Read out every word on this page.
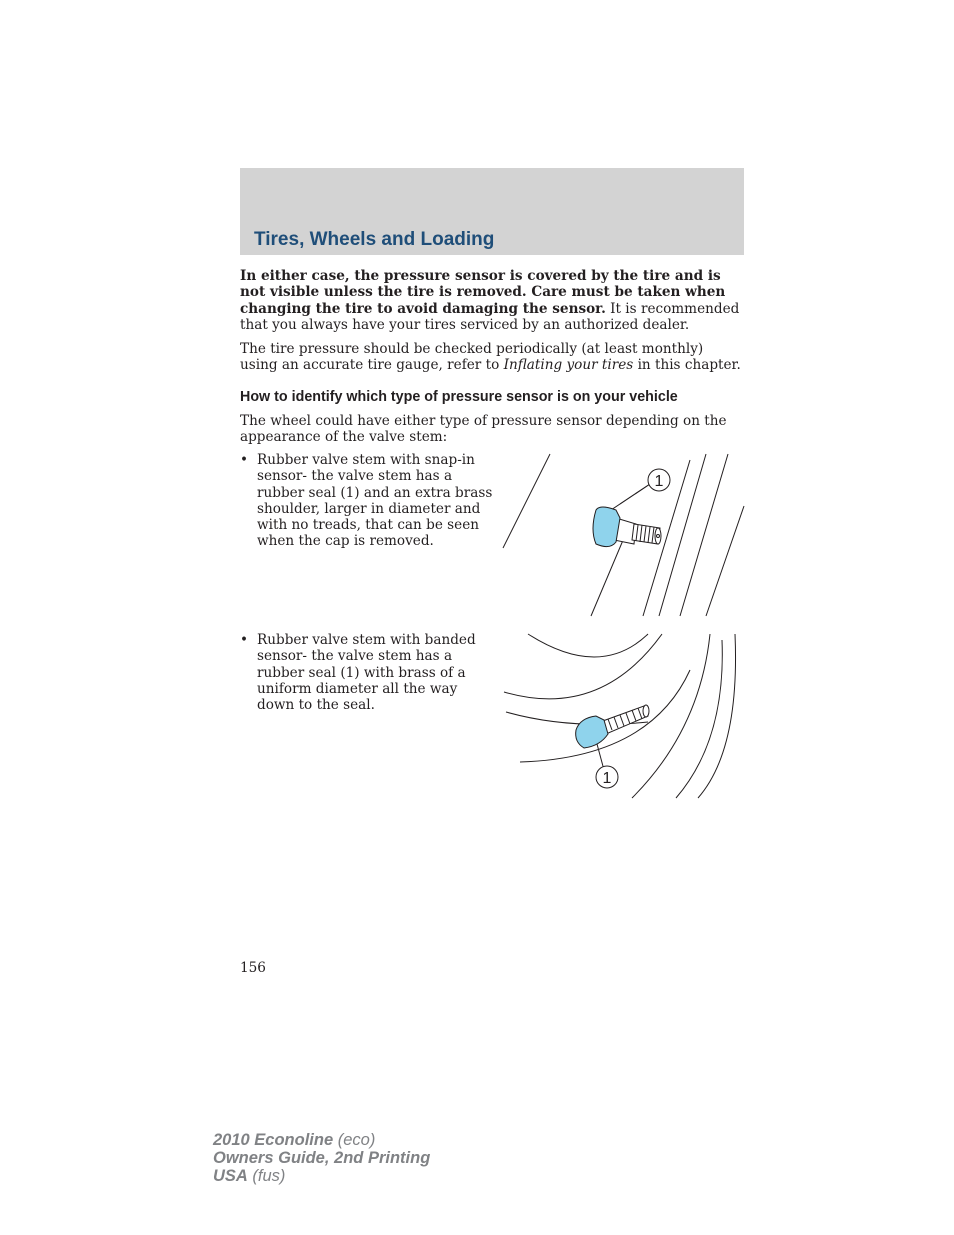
Tires, Wheels and Loading

In either case, the pressure sensor is covered by the tire and is not visible unless the tire is removed. Care must be taken when changing the tire to avoid damaging the sensor. It is recommended that you always have your tires serviced by an authorized dealer.

The tire pressure should be checked periodically (at least monthly) using an accurate tire gauge, refer to Inflating your tires in this chapter.

How to identify which type of pressure sensor is on your vehicle

The wheel could have either type of pressure sensor depending on the appearance of the valve stem:

• Rubber valve stem with snap-in sensor- the valve stem has a rubber seal (1) and an extra brass shoulder, larger in diameter and with no treads, that can be seen when the cap is removed.
• Rubber valve stem with banded sensor- the valve stem has a rubber seal (1) with brass of a uniform diameter all the way down to the seal.
1
1
156
2010 Econoline (eco)
Owners Guide, 2nd Printing
USA (fus)
